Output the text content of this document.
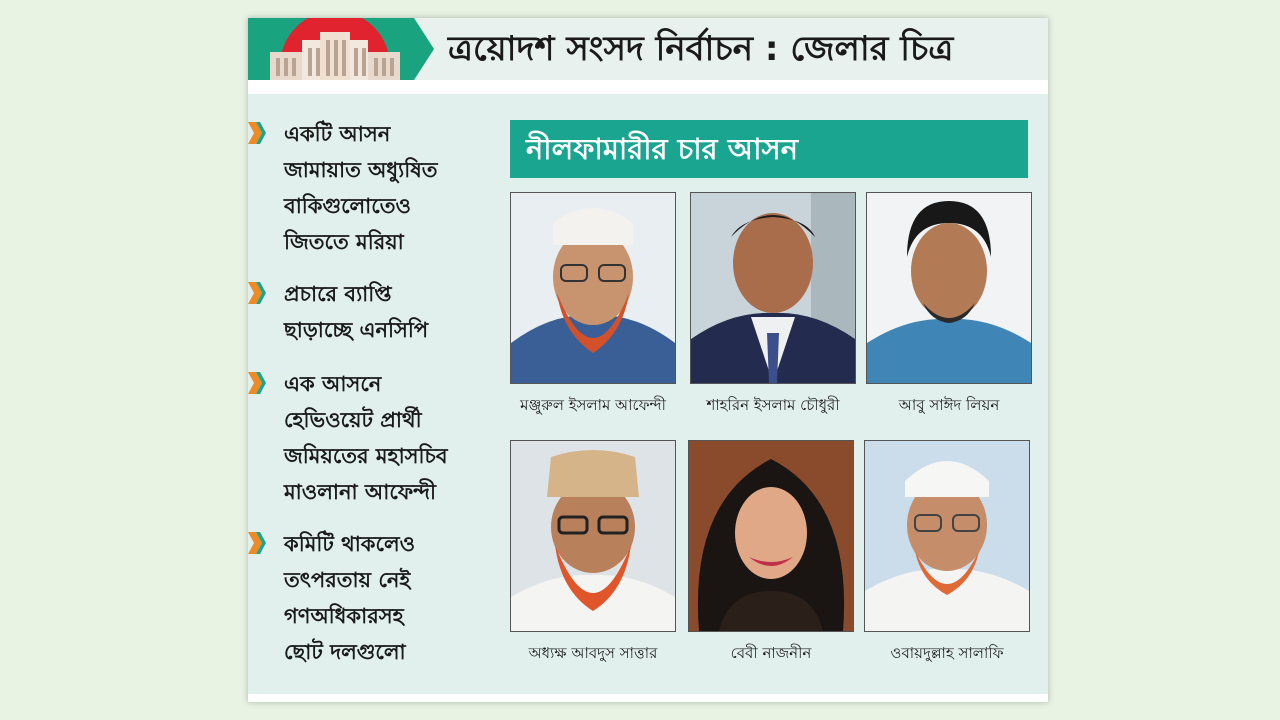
ত্রয়োদশ সংসদ নির্বাচন : জেলার চিত্র
একটি আসন
জামায়াত অধ্যুষিত
বাকিগুলোতেও
জিততে মরিয়া
প্রচারে ব্যাপ্তি
ছাড়াচ্ছে এনসিপি
এক আসনে
হেভিওয়েট প্রার্থী
জমিয়তের মহাসচিব
মাওলানা আফেন্দী
কমিটি থাকলেও
তৎপরতায় নেই
গণঅধিকারসহ
ছোট দলগুলো
নীলফামারীর চার আসন
মঞ্জুরুল ইসলাম আফেন্দী	শাহরিন ইসলাম চৌধুরী	আবু সাঈদ লিয়ন
অধ্যক্ষ আবদুস সাত্তার	বেবী নাজনীন	ওবায়দুল্লাহ সালাফি
